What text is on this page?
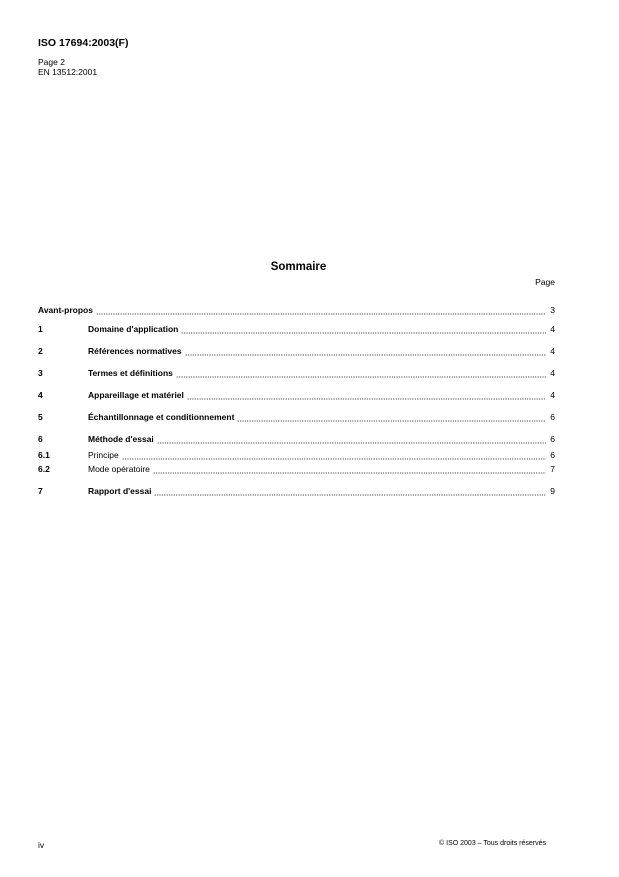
ISO 17694:2003(F)
Page 2
EN 13512:2001
Sommaire
Page
Avant-propos	3
1	Domaine d'application	4
2	Références normatives	4
3	Termes et définitions	4
4	Appareillage et matériel	4
5	Échantillonnage et conditionnement	6
6	Méthode d'essai	6
6.1	Principe	6
6.2	Mode opératoire	7
7	Rapport d'essai	9
iv	© ISO 2003 – Tous droits réservés
